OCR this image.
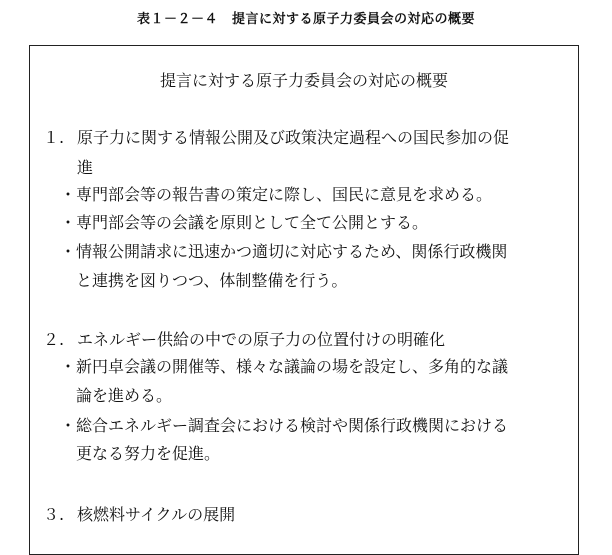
表１－２－４ 提言に対する原子力委員会の対応の概要
提言に対する原子力委員会の対応の概要
１. 原子力に関する情報公開及び政策決定過程への国民参加の促
進
・専門部会等の報告書の策定に際し、国民に意見を求める。
・専門部会等の会議を原則として全て公開とする。
・情報公開請求に迅速かつ適切に対応するため、関係行政機関
と連携を図りつつ、体制整備を行う。
２. エネルギー供給の中での原子力の位置付けの明確化
・新円卓会議の開催等、様々な議論の場を設定し、多角的な議
論を進める。
・総合エネルギー調査会における検討や関係行政機関における
更なる努力を促進。
３. 核燃料サイクルの展開
